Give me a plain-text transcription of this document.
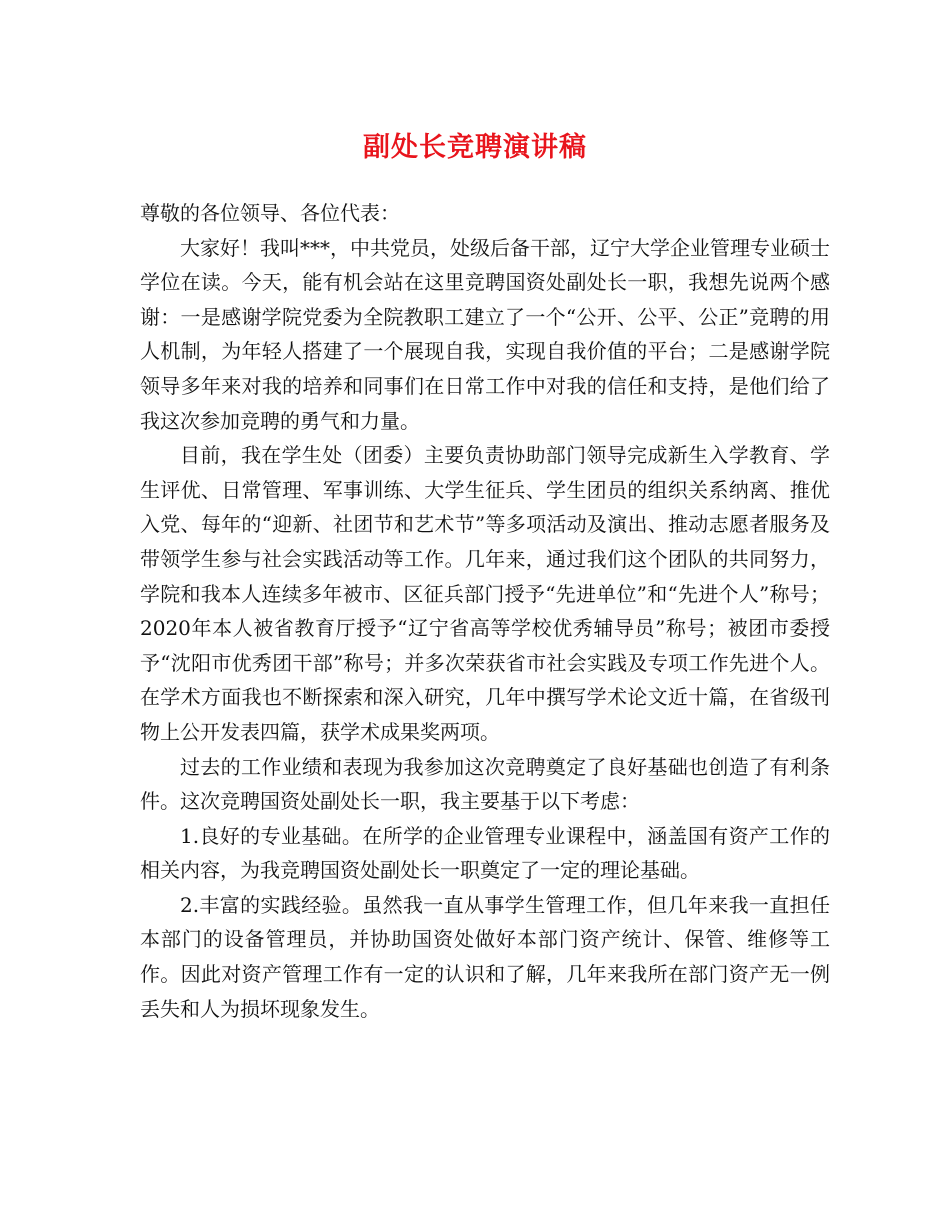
副处长竞聘演讲稿

尊敬的各位领导、各位代表：

大家好！我叫***，中共党员，处级后备干部，辽宁大学企业管理专业硕士学位在读。今天，能有机会站在这里竞聘国资处副处长一职，我想先说两个感谢：一是感谢学院党委为全院教职工建立了一个“公开、公平、公正”竞聘的用人机制，为年轻人搭建了一个展现自我，实现自我价值的平台；二是感谢学院领导多年来对我的培养和同事们在日常工作中对我的信任和支持，是他们给了我这次参加竞聘的勇气和力量。

目前，我在学生处（团委）主要负责协助部门领导完成新生入学教育、学生评优、日常管理、军事训练、大学生征兵、学生团员的组织关系纳离、推优入党、每年的“迎新、社团节和艺术节”等多项活动及演出、推动志愿者服务及带领学生参与社会实践活动等工作。几年来，通过我们这个团队的共同努力，学院和我本人连续多年被市、区征兵部门授予“先进单位”和“先进个人”称号；2020年本人被省教育厅授予“辽宁省高等学校优秀辅导员”称号；被团市委授予“沈阳市优秀团干部”称号；并多次荣获省市社会实践及专项工作先进个人。在学术方面我也不断探索和深入研究，几年中撰写学术论文近十篇，在省级刊物上公开发表四篇，获学术成果奖两项。

过去的工作业绩和表现为我参加这次竞聘奠定了良好基础也创造了有利条件。这次竞聘国资处副处长一职，我主要基于以下考虑：

1.良好的专业基础。在所学的企业管理专业课程中，涵盖国有资产工作的相关内容，为我竞聘国资处副处长一职奠定了一定的理论基础。

2.丰富的实践经验。虽然我一直从事学生管理工作，但几年来我一直担任本部门的设备管理员，并协助国资处做好本部门资产统计、保管、维修等工作。因此对资产管理工作有一定的认识和了解，几年来我所在部门资产无一例丢失和人为损坏现象发生。
